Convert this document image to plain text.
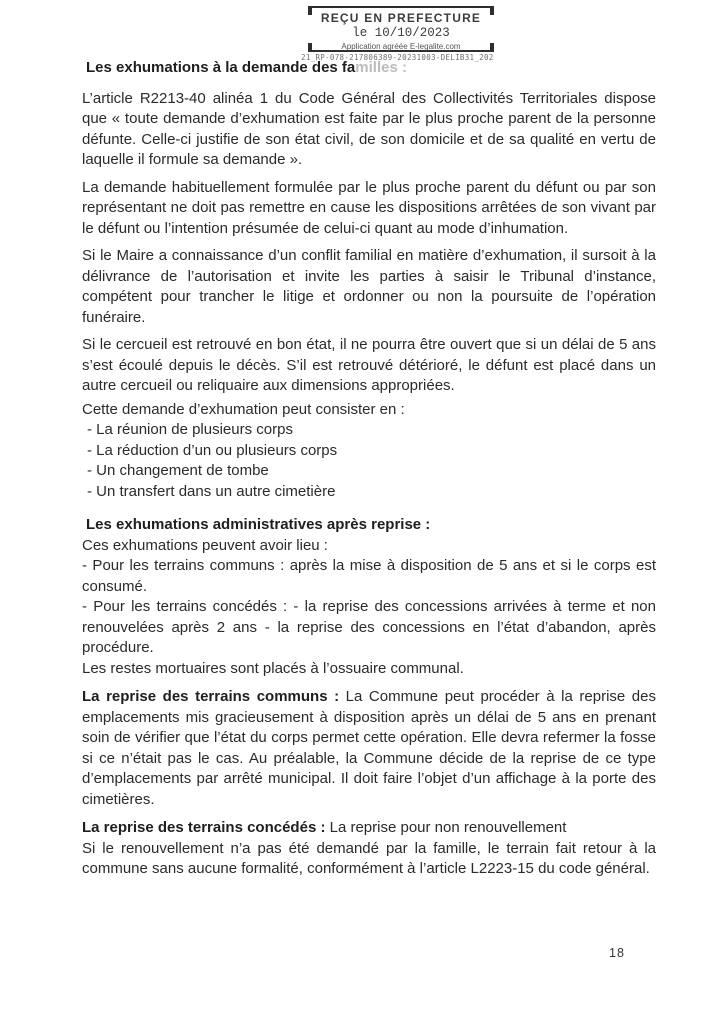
REÇU EN PREFECTURE
le 10/10/2023
Application agréée E-legalite.com
21_RP-078-217806389-20231003-DELIB31_202
Les exhumations à la demande des familles :

L’article R2213-40 alinéa 1 du Code Général des Collectivités Territoriales dispose que « toute demande d’exhumation est faite par le plus proche parent de la personne défunte. Celle-ci justifie de son état civil, de son domicile et de sa qualité en vertu de laquelle il formule sa demande ».

La demande habituellement formulée par le plus proche parent du défunt ou par son représentant ne doit pas remettre en cause les dispositions arrêtées de son vivant par le défunt ou l’intention présumée de celui-ci quant au mode d’inhumation.

Si le Maire a connaissance d’un conflit familial en matière d’exhumation, il sursoit à la délivrance de l’autorisation et invite les parties à saisir le Tribunal d’instance, compétent pour trancher le litige et ordonner ou non la poursuite de l’opération funéraire.

Si le cercueil est retrouvé en bon état, il ne pourra être ouvert que si un délai de 5 ans s’est écoulé depuis le décès. S’il est retrouvé détérioré, le défunt est placé dans un autre cercueil ou reliquaire aux dimensions appropriées.

Cette demande d’exhumation peut consister en :
- La réunion de plusieurs corps
- La réduction d’un ou plusieurs corps
- Un changement de tombe
- Un transfert dans un autre cimetière
Les exhumations administratives après reprise :

Ces exhumations peuvent avoir lieu :

- Pour les terrains communs : après la mise à disposition de 5 ans et si le corps est consumé.

- Pour les terrains concédés : - la reprise des concessions arrivées à terme et non renouvelées après 2 ans - la reprise des concessions en l’état d’abandon, après procédure.

Les restes mortuaires sont placés à l’ossuaire communal.

La reprise des terrains communs : La Commune peut procéder à la reprise des emplacements mis gracieusement à disposition après un délai de 5 ans en prenant soin de vérifier que l’état du corps permet cette opération. Elle devra refermer la fosse si ce n’était pas le cas. Au préalable, la Commune décide de la reprise de ce type d’emplacements par arrêté municipal. Il doit faire l’objet d’un affichage à la porte des cimetières.

La reprise des terrains concédés : La reprise pour non renouvellement

Si le renouvellement n’a pas été demandé par la famille, le terrain fait retour à la commune sans aucune formalité, conformément à l’article L2223-15 du code général.

18
